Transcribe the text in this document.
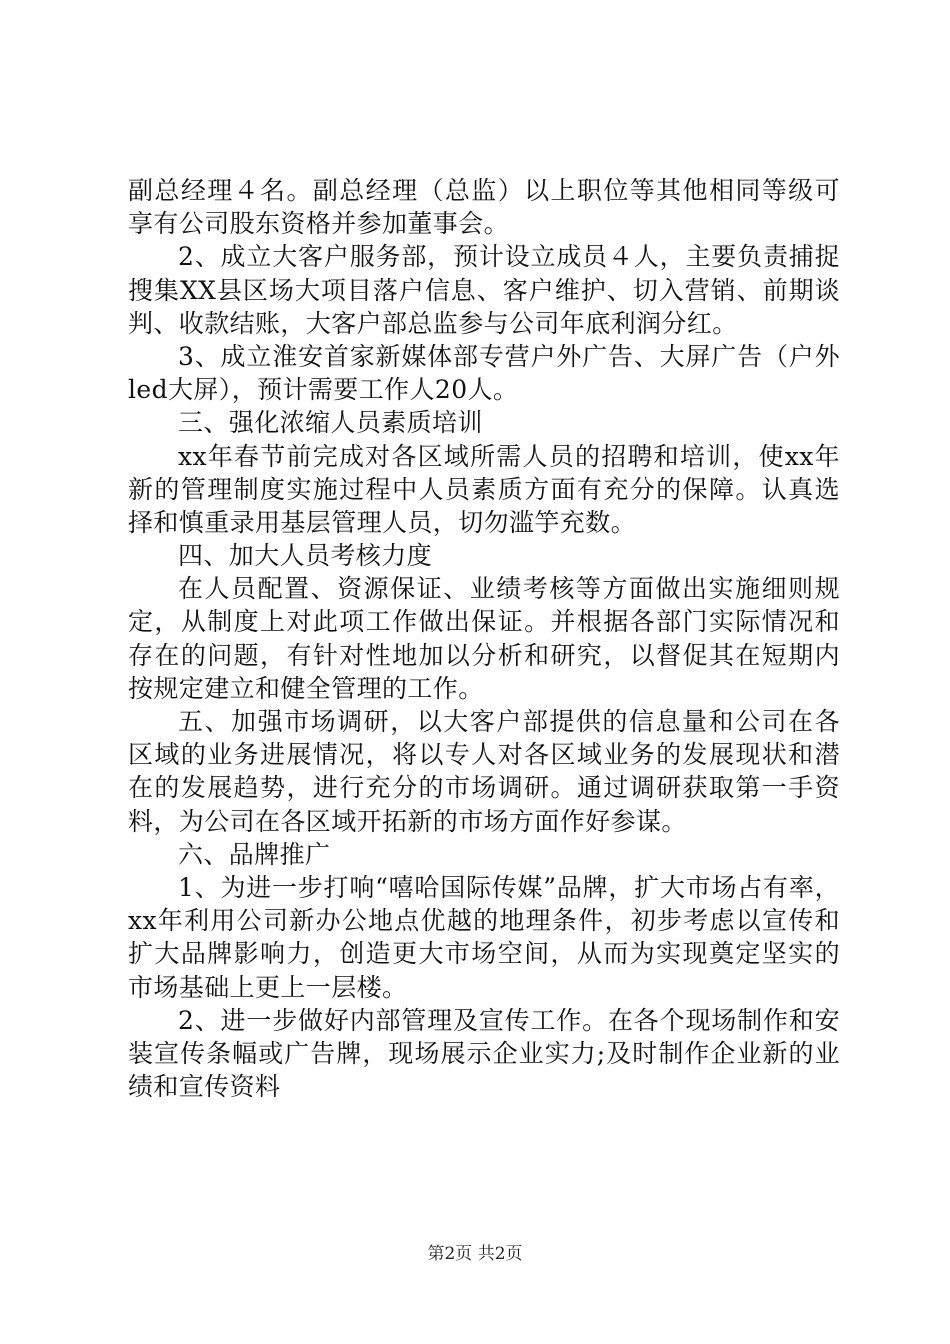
副总经理４名。副总经理（总监）以上职位等其他相同等级可
享有公司股东资格并参加董事会。
2、成立大客户服务部，预计设立成员４人，主要负责捕捉
搜集XX县区场大项目落户信息、客户维护、切入营销、前期谈
判、收款结账，大客户部总监参与公司年底利润分红。
3、成立淮安首家新媒体部专营户外广告、大屏广告（户外
led大屏），预计需要工作人20人。
三、强化浓缩人员素质培训
xx年春节前完成对各区域所需人员的招聘和培训，使xx年
新的管理制度实施过程中人员素质方面有充分的保障。认真选
择和慎重录用基层管理人员，切勿滥竽充数。
四、加大人员考核力度
在人员配置、资源保证、业绩考核等方面做出实施细则规
定，从制度上对此项工作做出保证。并根据各部门实际情况和
存在的问题，有针对性地加以分析和研究，以督促其在短期内
按规定建立和健全管理的工作。
五、加强市场调研，以大客户部提供的信息量和公司在各
区域的业务进展情况，将以专人对各区域业务的发展现状和潜
在的发展趋势，进行充分的市场调研。通过调研获取第一手资
料，为公司在各区域开拓新的市场方面作好参谋。
六、品牌推广
1、为进一步打响“嘻哈国际传媒”品牌，扩大市场占有率，
xx年利用公司新办公地点优越的地理条件，初步考虑以宣传和
扩大品牌影响力，创造更大市场空间，从而为实现奠定坚实的
市场基础上更上一层楼。
2、进一步做好内部管理及宣传工作。在各个现场制作和安
装宣传条幅或广告牌，现场展示企业实力;及时制作企业新的业
绩和宣传资料
第2页 共2页
